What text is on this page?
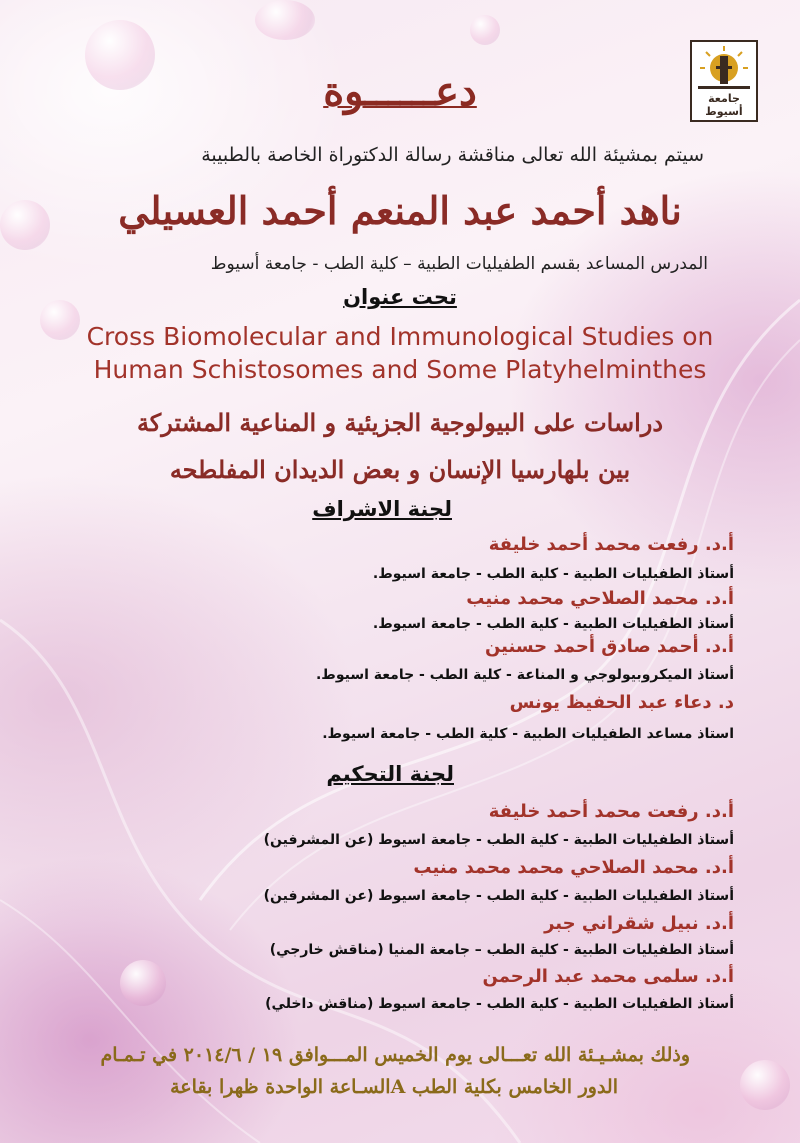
جامعة أسيوط
دعــــــوة
سيتم بمشيئة الله تعالى مناقشة رسالة الدكتوراة الخاصة بالطبيبة
ناهد أحمد عبد المنعم أحمد العسيلي
المدرس المساعد بقسم الطفيليات الطبية – كلية الطب - جامعة أسيوط
تحت عنوان
Cross Biomolecular and Immunological Studies on
Human Schistosomes and Some Platyhelminthes
دراسات على البيولوجية الجزيئية و المناعية المشتركة
بين بلهارسيا الإنسان و بعض الديدان المفلطحه
لجنة الاشراف
أ.د. رفعت محمد أحمد خليفة
أستاذ الطفيليات الطبية - كلية الطب - جامعة اسيوط.
أ.د. محمد الصلاحي محمد منيب
أستاذ الطفيليات الطبية - كلية الطب - جامعة اسيوط.
أ.د. أحمد صادق أحمد حسنين
أستاذ الميكروبيولوجي و المناعة - كلية الطب - جامعة اسيوط.
د. دعاء عبد الحفيظ يونس
استاذ مساعد الطفيليات الطبية - كلية الطب - جامعة اسيوط.
لجنة التحكيم
أ.د. رفعت محمد أحمد خليفة
أستاذ الطفيليات الطبية - كلية الطب - جامعة اسيوط (عن المشرفين)
أ.د. محمد الصلاحي محمد محمد منيب
أستاذ الطفيليات الطبية - كلية الطب - جامعة اسيوط (عن المشرفين)
أ.د. نبيل شقراني جبر
أستاذ الطفيليات الطبية - كلية الطب – جامعة المنيا (مناقش خارجي)
أ.د. سلمى محمد عبد الرحمن
أستاذ الطفيليات الطبية - كلية الطب - جامعة اسيوط (مناقش داخلي)
وذلك بمشـيـئة الله تعـــالى يوم الخميس المـــوافق ١٩ / ٢٠١٤/٦ في تـمـام
الدور الخامس بكلية الطب Aالسـاعة الواحدة ظهرا بقاعة
